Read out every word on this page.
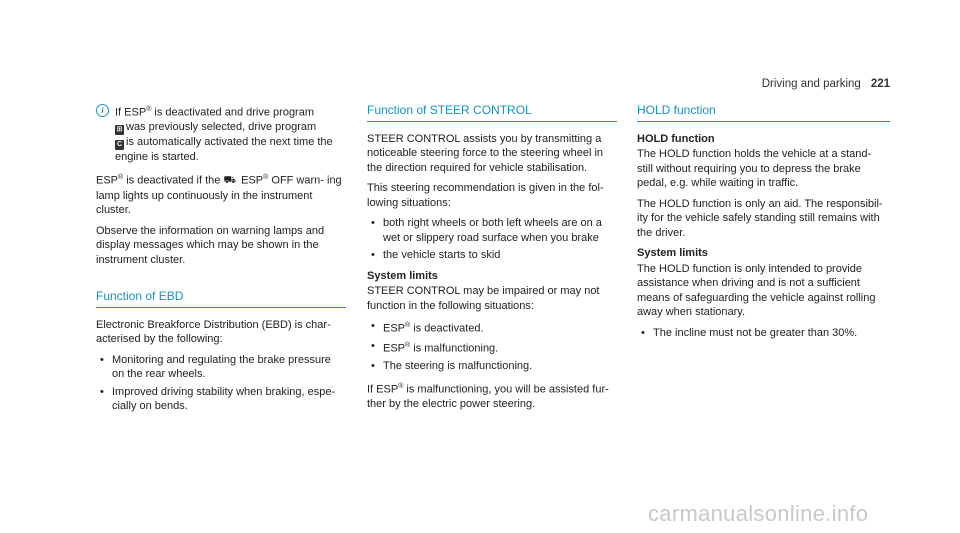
Driving and parking 221
i	If ESP® is deactivated and drive program
⊞ was previously selected, drive program
C is automatically activated the next time the engine is started.

ESP® is deactivated if the ⛟ ESP® OFF warn- ing lamp lights up continuously in the instrument cluster.

Observe the information on warning lamps and display messages which may be shown in the instrument cluster.

Function of EBD

Electronic Breakforce Distribution (EBD) is char- acterised by the following:

• Monitoring and regulating the brake pressure on the rear wheels.
• Improved driving stability when braking, espe- cially on bends.
Function of STEER CONTROL

STEER CONTROL assists you by transmitting a noticeable steering force to the steering wheel in the direction required for vehicle stabilisation.

This steering recommendation is given in the fol- lowing situations:

• both right wheels or both left wheels are on a wet or slippery road surface when you brake
• the vehicle starts to skid
System limits

STEER CONTROL may be impaired or may not function in the following situations:

• ESP® is deactivated.
• ESP® is malfunctioning.
• The steering is malfunctioning.

If ESP® is malfunctioning, you will be assisted fur- ther by the electric power steering.

HOLD function
HOLD function

The HOLD function holds the vehicle at a stand- still without requiring you to depress the brake pedal, e.g. while waiting in traffic.

The HOLD function is only an aid. The responsibil- ity for the vehicle safely standing still remains with the driver.

System limits

The HOLD function is only intended to provide assistance when driving and is not a sufficient means of safeguarding the vehicle against rolling away when stationary.

• The incline must not be greater than 30%.
carmanualsonline.info
